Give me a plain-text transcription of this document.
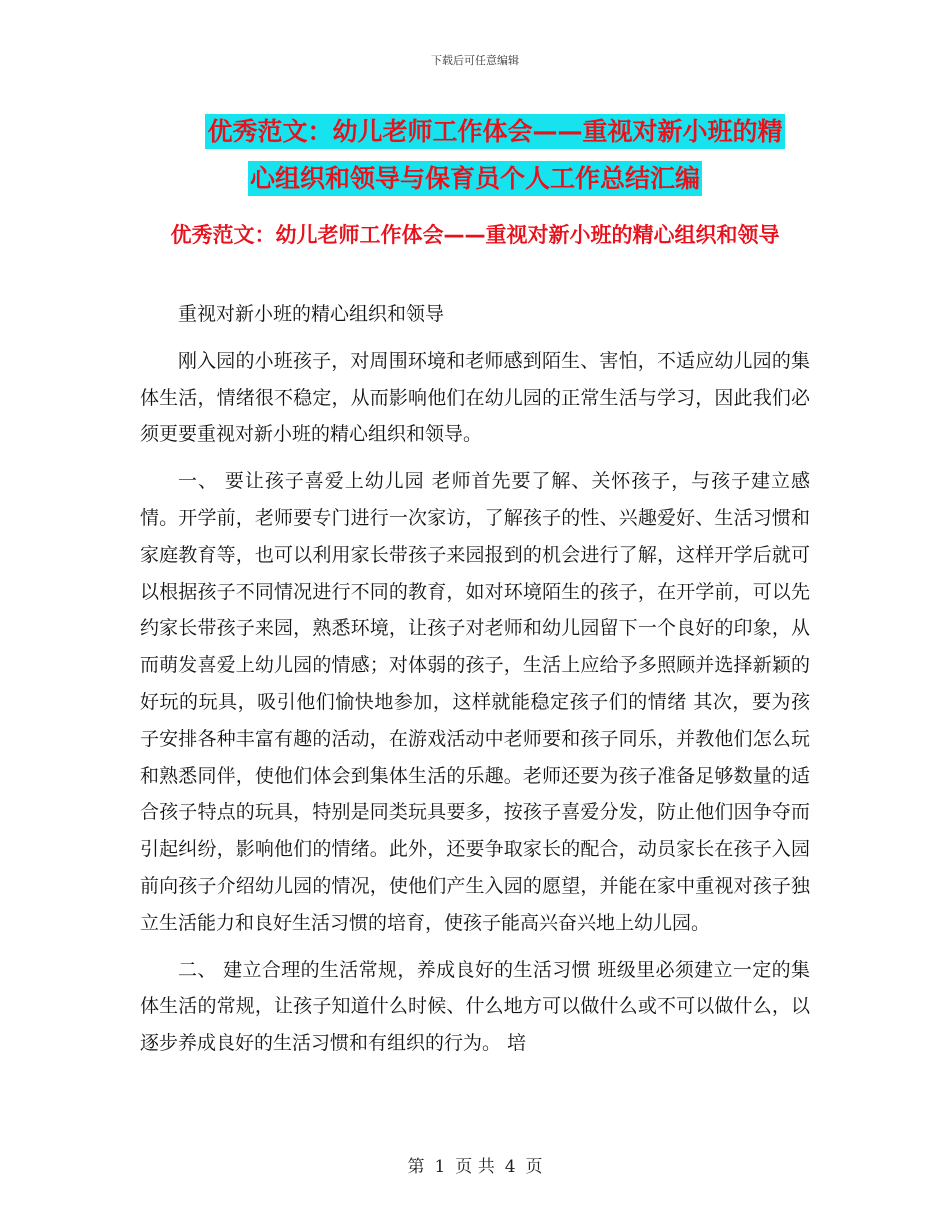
下载后可任意编辑
优秀范文：幼儿老师工作体会——重视对新小班的精
心组织和领导与保育员个人工作总结汇编
优秀范文：幼儿老师工作体会——重视对新小班的精心组织和领导

重视对新小班的精心组织和领导

刚入园的小班孩子，对周围环境和老师感到陌生、害怕，不适应幼儿园的集体生活，情绪很不稳定，从而影响他们在幼儿园的正常生活与学习，因此我们必须更要重视对新小班的精心组织和领导。

一、 要让孩子喜爱上幼儿园 老师首先要了解、关怀孩子，与孩子建立感情。开学前，老师要专门进行一次家访，了解孩子的性、兴趣爱好、生活习惯和家庭教育等，也可以利用家长带孩子来园报到的机会进行了解，这样开学后就可以根据孩子不同情况进行不同的教育，如对环境陌生的孩子，在开学前，可以先约家长带孩子来园，熟悉环境，让孩子对老师和幼儿园留下一个良好的印象，从而萌发喜爱上幼儿园的情感；对体弱的孩子，生活上应给予多照顾并选择新颖的好玩的玩具，吸引他们愉快地参加，这样就能稳定孩子们的情绪 其次，要为孩子安排各种丰富有趣的活动，在游戏活动中老师要和孩子同乐，并教他们怎么玩和熟悉同伴，使他们体会到集体生活的乐趣。老师还要为孩子准备足够数量的适合孩子特点的玩具，特别是同类玩具要多，按孩子喜爱分发，防止他们因争夺而引起纠纷，影响他们的情绪。此外，还要争取家长的配合，动员家长在孩子入园前向孩子介绍幼儿园的情况，使他们产生入园的愿望，并能在家中重视对孩子独立生活能力和良好生活习惯的培育，使孩子能高兴奋兴地上幼儿园。

二、 建立合理的生活常规，养成良好的生活习惯 班级里必须建立一定的集体生活的常规，让孩子知道什么时候、什么地方可以做什么或不可以做什么，以逐步养成良好的生活习惯和有组织的行为。 培

第 1 页 共 4 页
